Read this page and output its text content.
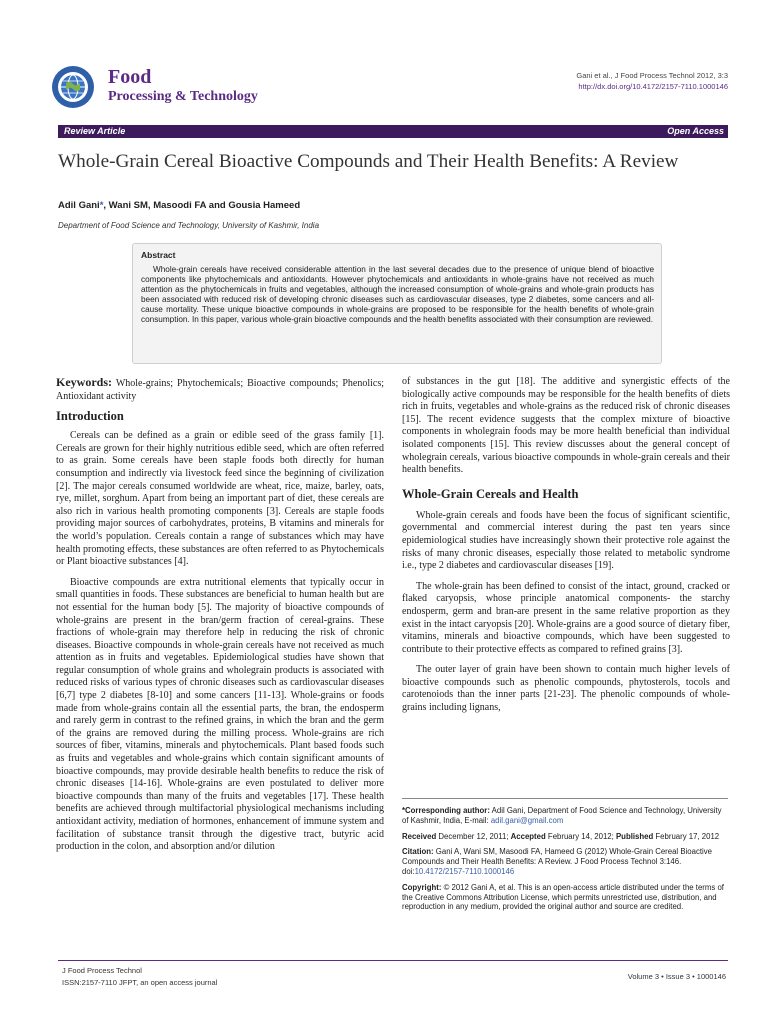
Food
Processing & Technology
Gani et al., J Food Process Technol 2012, 3:3
http://dx.doi.org/10.4172/2157-7110.1000146
Review Article	Open Access
Whole-Grain Cereal Bioactive Compounds and Their Health Benefits: A Review
Adil Gani*, Wani SM, Masoodi FA and Gousia Hameed
Department of Food Science and Technology, University of Kashmir, India
Abstract

Whole-grain cereals have received considerable attention in the last several decades due to the presence of unique blend of bioactive components like phytochemicals and antioxidants. However phytochemicals and antioxidants in whole-grains have not received as much attention as the phytochemicals in fruits and vegetables, although the increased consumption of whole-grains and whole-grain products has been associated with reduced risk of developing chronic diseases such as cardiovascular diseases, type 2 diabetes, some cancers and all-cause mortality. These unique bioactive compounds in whole-grains are proposed to be responsible for the health benefits of whole-grain consumption. In this paper, various whole-grain bioactive compounds and the health benefits associated with their consumption are reviewed.

Keywords: Whole-grains; Phytochemicals; Bioactive compounds; Phenolics; Antioxidant activity

Introduction

Cereals can be defined as a grain or edible seed of the grass family [1]. Cereals are grown for their highly nutritious edible seed, which are often referred to as grain. Some cereals have been staple foods both directly for human consumption and indirectly via livestock feed since the beginning of civilization [2]. The major cereals consumed worldwide are wheat, rice, maize, barley, oats, rye, millet, sorghum. Apart from being an important part of diet, these cereals are also rich in various health promoting components [3]. Cereals are staple foods providing major sources of carbohydrates, proteins, B vitamins and minerals for the world’s population. Cereals contain a range of substances which may have health promoting effects, these substances are often referred to as Phytochemicals or Plant bioactive substances [4].

Bioactive compounds are extra nutritional elements that typically occur in small quantities in foods. These substances are beneficial to human health but are not essential for the human body [5]. The majority of bioactive compounds of whole-grains are present in the bran/germ fraction of cereal-grains. These fractions of whole-grain may therefore help in reducing the risk of chronic diseases. Bioactive compounds in whole-grain cereals have not received as much attention as in fruits and vegetables. Epidemiological studies have shown that regular consumption of whole grains and wholegrain products is associated with reduced risks of various types of chronic diseases such as cardiovascular diseases [6,7] type 2 diabetes [8-10] and some cancers [11-13]. Whole-grains or foods made from whole-grains contain all the essential parts, the bran, the endosperm and rarely germ in contrast to the refined grains, in which the bran and the germ of the grains are removed during the milling process. Whole-grains are rich sources of fiber, vitamins, minerals and phytochemicals. Plant based foods such as fruits and vegetables and whole-grains which contain significant amounts of bioactive compounds, may provide desirable health benefits to reduce the risk of chronic diseases [14-16]. Whole-grains are even postulated to deliver more bioactive compounds than many of the fruits and vegetables [17]. These health benefits are achieved through multifactorial physiological mechanisms including antioxidant activity, mediation of hormones, enhancement of immune system and facilitation of substance transit through the digestive tract, butyric acid production in the colon, and absorption and/or dilution

of substances in the gut [18]. The additive and synergistic effects of the biologically active compounds may be responsible for the health benefits of diets rich in fruits, vegetables and whole-grains as the reduced risk of chronic diseases [15]. The recent evidence suggests that the complex mixture of bioactive components in wholegrain foods may be more health beneficial than individual isolated components [15]. This review discusses about the general concept of wholegrain cereals, various bioactive compounds in whole-grain cereals and their health benefits.

Whole-Grain Cereals and Health

Whole-grain cereals and foods have been the focus of significant scientific, governmental and commercial interest during the past ten years since epidemiological studies have increasingly shown their protective role against the risks of many chronic diseases, especially those related to metabolic syndrome i.e., type 2 diabetes and cardiovascular diseases [19].

The whole-grain has been defined to consist of the intact, ground, cracked or flaked caryopsis, whose principle anatomical components- the starchy endosperm, germ and bran-are present in the same relative proportion as they exist in the intact caryopsis [20]. Whole-grains are a good source of dietary fiber, vitamins, minerals and bioactive compounds, which have been suggested to contribute to their protective effects as compared to refined grains [3].

The outer layer of grain have been shown to contain much higher levels of bioactive compounds such as phenolic compounds, phytosterols, tocols and carotenoiods than the inner parts [21-23]. The phenolic compounds of whole-grains including lignans,

*Corresponding author: Adil Gani, Department of Food Science and Technology, University of Kashmir, India, E-mail: adil.gani@gmail.com

Received December 12, 2011; Accepted February 14, 2012; Published February 17, 2012

Citation: Gani A, Wani SM, Masoodi FA, Hameed G (2012) Whole-Grain Cereal Bioactive Compounds and Their Health Benefits: A Review. J Food Process Technol 3:146. doi:10.4172/2157-7110.1000146

Copyright: © 2012 Gani A, et al. This is an open-access article distributed under the terms of the Creative Commons Attribution License, which permits unrestricted use, distribution, and reproduction in any medium, provided the original author and source are credited.

J Food Process Technol
ISSN:2157-7110 JFPT, an open access journal
Volume 3 • Issue 3 • 1000146
